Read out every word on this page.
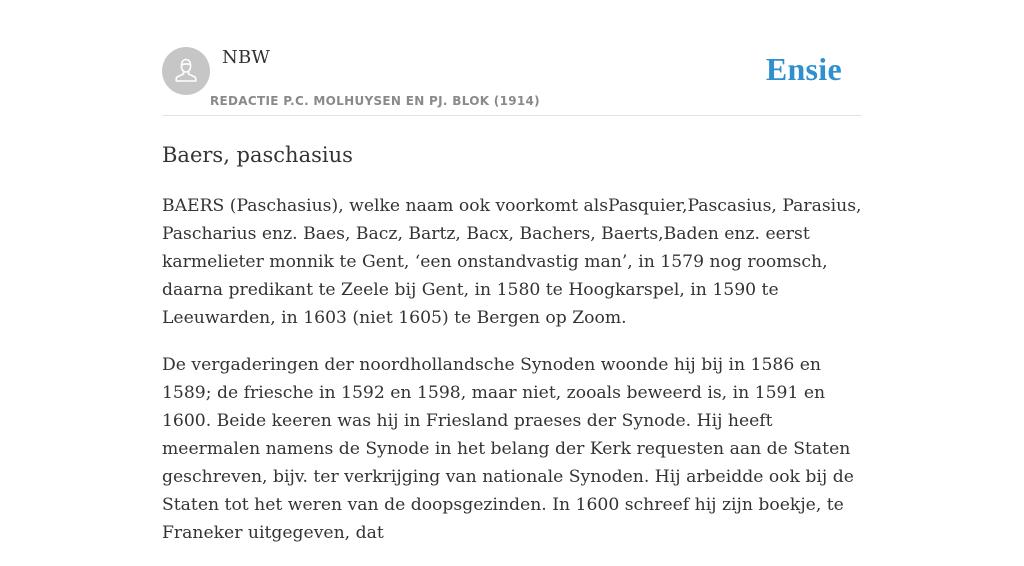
NBW
REDACTIE P.C. MOLHUYSEN EN PJ. BLOK (1914)
Ensie
Baers, paschasius

BAERS (Paschasius), welke naam ook voorkomt alsPasquier,Pascasius, Parasius, Pascharius enz. Baes, Bacz, Bartz, Bacx, Bachers, Baerts,Baden enz. eerst karmelieter monnik te Gent, ‘een onstandvastig man’, in 1579 nog roomsch, daarna predikant te Zeele bij Gent, in 1580 te Hoogkarspel, in 1590 te Leeuwarden, in 1603 (niet 1605) te Bergen op Zoom.

De vergaderingen der noordhollandsche Synoden woonde hij bij in 1586 en 1589; de friesche in 1592 en 1598, maar niet, zooals beweerd is, in 1591 en 1600. Beide keeren was hij in Friesland praeses der Synode. Hij heeft meermalen namens de Synode in het belang der Kerk requesten aan de Staten geschreven, bijv. ter verkrijging van nationale Synoden. Hij arbeidde ook bij de Staten tot het weren van de doopsgezinden. In 1600 schreef hij zijn boekje, te Franeker uitgegeven, dat
